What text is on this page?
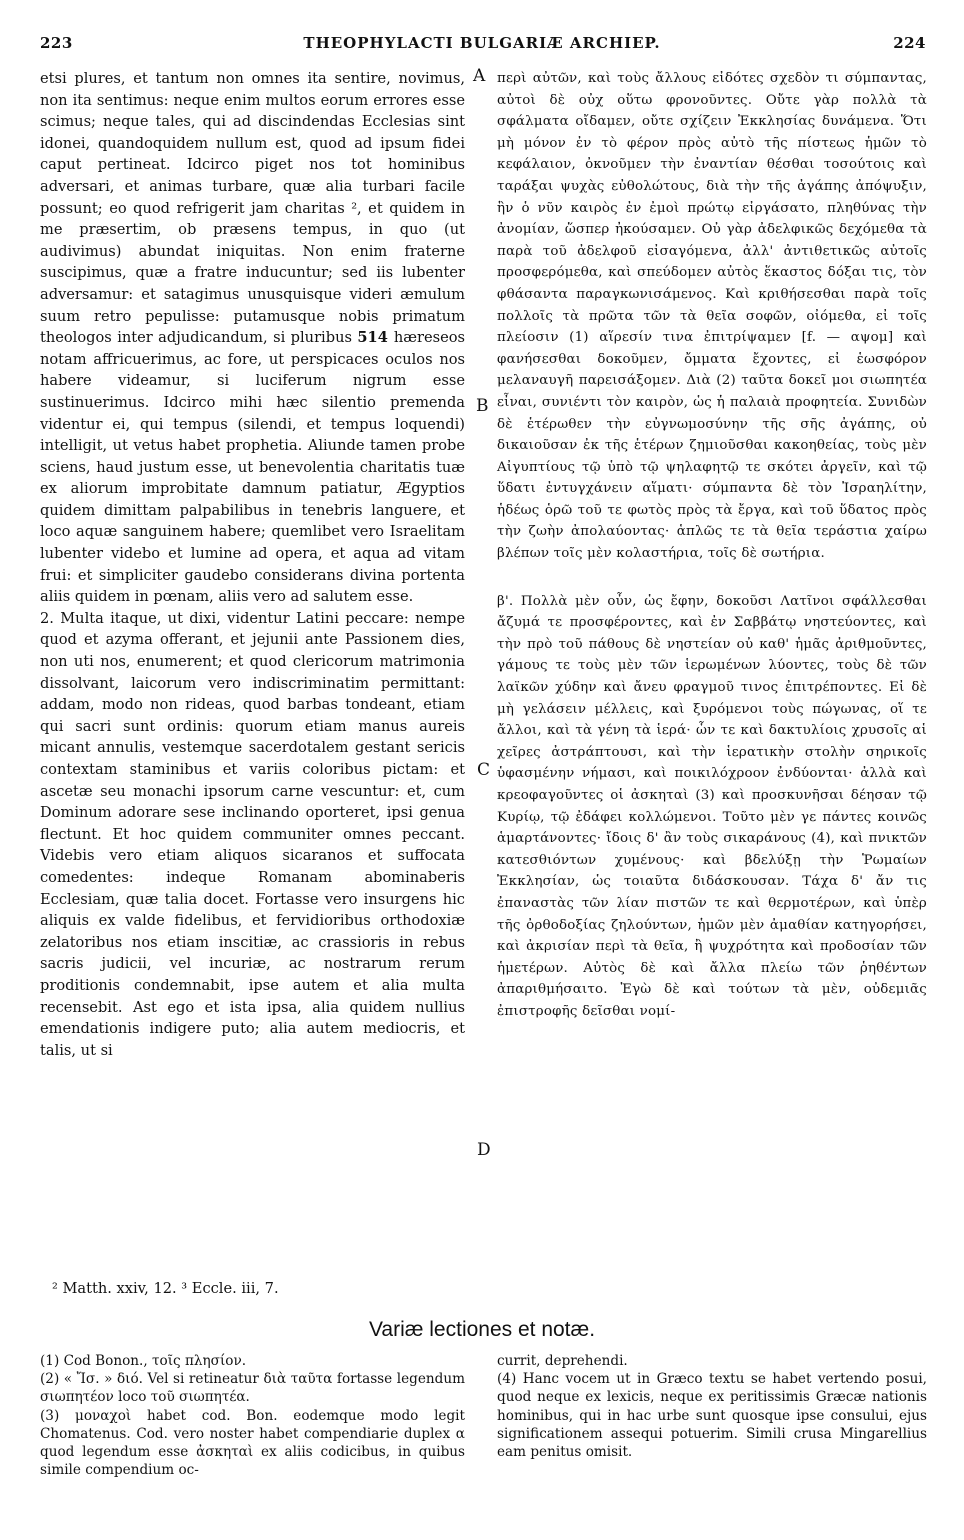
223	THEOPHYLACTI BULGARIÆ ARCHIEP.	224
A
B
C
D

etsi plures, et tantum non omnes ita sentire, novimus, non ita sentimus: neque enim multos eorum errores esse scimus; neque tales, qui ad discindendas Ecclesias sint idonei, quandoquidem nullum est, quod ad ipsum fidei caput pertineat. Idcirco piget nos tot hominibus adversari, et animas turbare, quæ alia turbari facile possunt; eo quod refrigerit jam charitas ², et quidem in me præsertim, ob præsens tempus, in quo (ut audivimus) abundat iniquitas. Non enim fraterne suscipimus, quæ a fratre inducuntur; sed iis lubenter adversamur: et satagimus unusquisque videri æmulum suum retro pepulisse: putamusque nobis primatum theologos inter adjudicandum, si pluribus 514 hæreseos notam affricuerimus, ac fore, ut perspicaces oculos nos habere videamur, si luciferum nigrum esse sustinuerimus. Idcirco mihi hæc silentio premenda videntur ei, qui tempus (silendi, et tempus loquendi) intelligit, ut vetus habet prophetia. Aliunde tamen probe sciens, haud justum esse, ut benevolentia charitatis tuæ ex aliorum improbitate damnum patiatur, Ægyptios quidem dimittam palpabilibus in tenebris languere, et loco aquæ sanguinem habere; quemlibet vero Israelitam lubenter videbo et lumine ad opera, et aqua ad vitam frui: et simpliciter gaudebo considerans divina portenta aliis quidem in pœnam, aliis vero ad salutem esse.

2. Multa itaque, ut dixi, videntur Latini peccare: nempe quod et azyma offerant, et jejunii ante Passionem dies, non uti nos, enumerent; et quod clericorum matrimonia dissolvant, laicorum vero indiscriminatim permittant: addam, modo non rideas, quod barbas tondeant, etiam qui sacri sunt ordinis: quorum etiam manus aureis micant annulis, vestemque sacerdotalem gestant sericis contextam staminibus et variis coloribus pictam: et ascetæ seu monachi ipsorum carne vescuntur: et, cum Dominum adorare sese inclinando oporteret, ipsi genua flectunt. Et hoc quidem communiter omnes peccant. Videbis vero etiam aliquos sicaranos et suffocata comedentes: indeque Romanam abominaberis Ecclesiam, quæ talia docet. Fortasse vero insurgens hic aliquis ex valde fidelibus, et fervidioribus orthodoxiæ zelatoribus nos etiam inscitiæ, ac crassioris in rebus sacris judicii, vel incuriæ, ac nostrarum rerum proditionis condemnabit, ipse autem et alia multa recensebit. Ast ego et ista ipsa, alia quidem nullius emendationis indigere puto; alia autem mediocris, et talis, ut si

περὶ αὐτῶν, καὶ τοὺς ἄλλους εἰδότες σχεδὸν τι σύμπαντας, αὐτοὶ δὲ οὐχ οὕτω φρονοῦντες. Οὔτε γὰρ πολλὰ τὰ σφάλματα οἴδαμεν, οὔτε σχίζειν Ἐκκλησίας δυνάμενα. Ὅτι μὴ μόνον ἐν τὸ φέρον πρὸς αὐτὸ τῆς πίστεως ἡμῶν τὸ κεφάλαιον, ὀκνοῦμεν τὴν ἐναντίαν θέσθαι τοσούτοις καὶ ταράξαι ψυχὰς εὐθολώτους, διὰ τὴν τῆς ἀγάπης ἀπόψυξιν, ἣν ὁ νῦν καιρὸς ἐν ἐμοὶ πρώτῳ εἰργάσατο, πληθύνας τὴν ἀνομίαν, ὥσπερ ἠκούσαμεν. Οὐ γὰρ ἀδελφικῶς δεχόμεθα τὰ παρὰ τοῦ ἀδελφοῦ εἰσαγόμενα, ἀλλ' ἀντιθετικῶς αὐτοῖς προσφερόμεθα, καὶ σπεύδομεν αὐτὸς ἕκαστος δόξαι τις, τὸν φθάσαντα παραγκωνισάμενος. Καὶ κριθήσεσθαι παρὰ τοῖς πολλοῖς τὰ πρῶτα τῶν τὰ θεῖα σοφῶν, οἰόμεθα, εἰ τοῖς πλείοσιν (1) αἵρεσίν τινα ἐπιτρίψαμεν [f. — αψομ] καὶ φανήσεσθαι δοκοῦμεν, ὄμματα ἔχοντες, εἰ ἑωσφόρον μελαναυγῆ παρεισάξομεν. Διὰ (2) ταῦτα δοκεῖ μοι σιωπητέα εἶναι, συνιέντι τὸν καιρὸν, ὡς ἡ παλαιὰ προφητεία. Συνιδὼν δὲ ἑτέρωθεν τὴν εὐγνωμοσύνην τῆς σῆς ἀγάπης, οὐ δικαιοῦσαν ἐκ τῆς ἑτέρων ζημιοῦσθαι κακοηθείας, τοὺς μὲν Αἰγυπτίους τῷ ὑπὸ τῷ ψηλαφητῷ τε σκότει ἀργεῖν, καὶ τῷ ὕδατι ἐντυγχάνειν αἵματι· σύμπαντα δὲ τὸν Ἰσραηλίτην, ἡδέως ὁρῶ τοῦ τε φωτὸς πρὸς τὰ ἔργα, καὶ τοῦ ὕδατος πρὸς τὴν ζωὴν ἀπολαύοντας· ἁπλῶς τε τὰ θεῖα τεράστια χαίρω βλέπων τοῖς μὲν κολαστήρια, τοῖς δὲ σωτήρια.

β'. Πολλὰ μὲν οὖν, ὡς ἔφην, δοκοῦσι Λατῖνοι σφάλλεσθαι ἄζυμά τε προσφέροντες, καὶ ἐν Σαββάτῳ νηστεύοντες, καὶ τὴν πρὸ τοῦ πάθους δὲ νηστείαν οὐ καθ' ἡμᾶς ἀριθμοῦντες, γάμους τε τοὺς μὲν τῶν ἱερωμένων λύοντες, τοὺς δὲ τῶν λαϊκῶν χύδην καὶ ἄνευ φραγμοῦ τινος ἐπιτρέποντες. Εἰ δὲ μὴ γελάσειν μέλλεις, καὶ ξυρόμενοι τοὺς πώγωνας, οἵ τε ἄλλοι, καὶ τὰ γένη τὰ ἱερά· ὧν τε καὶ δακτυλίοις χρυσοῖς αἱ χεῖρες ἀστράπτουσι, καὶ τὴν ἱερατικὴν στολὴν σηρικοῖς ὑφασμένην νήμασι, καὶ ποικιλόχροον ἐνδύονται· ἀλλὰ καὶ κρεοφαγοῦντες οἱ ἀσκηταὶ (3) καὶ προσκυνῆσαι δέησαν τῷ Κυρίῳ, τῷ ἐδάφει κολλώμενοι. Τοῦτο μὲν γε πάντες κοινῶς ἁμαρτάνοντες· ἴδοις δ' ἂν τοὺς σικαράνους (4), καὶ πνικτῶν κατεσθιόντων χυμένους· καὶ βδελύξῃ τὴν Ῥωμαίων Ἐκκλησίαν, ὡς τοιαῦτα διδάσκουσαν. Τάχα δ' ἄν τις ἐπαναστὰς τῶν λίαν πιστῶν τε καὶ θερμοτέρων, καὶ ὑπὲρ τῆς ὀρθοδοξίας ζηλούντων, ἡμῶν μὲν ἀμαθίαν κατηγορήσει, καὶ ἀκρισίαν περὶ τὰ θεῖα, ἢ ψυχρότητα καὶ προδοσίαν τῶν ἡμετέρων. Αὐτὸς δὲ καὶ ἄλλα πλείω τῶν ῥηθέντων ἀπαριθμήσαιτο. Ἐγὼ δὲ καὶ τούτων τὰ μὲν, οὐδεμιᾶς ἐπιστροφῆς δεῖσθαι νομί-

² Matth. xxiv, 12. ³ Eccle. iii, 7.
Variæ lectiones et notæ.

(1) Cod Bonon., τοῖς πλησίον.

(2) « Ἴσ. » διό. Vel si retineatur διὰ ταῦτα fortasse legendum σιωπητέον loco τοῦ σιωπητέα.

(3) μοναχοὶ habet cod. Bon. eodemque modo legit Chomatenus. Cod. vero noster habet compendiarie duplex α quod legendum esse ἀσκηταὶ ex aliis codicibus, in quibus simile compendium oc-

currit, deprehendi.

(4) Hanc vocem ut in Græco textu se habet vertendo posui, quod neque ex lexicis, neque ex peritissimis Græcæ nationis hominibus, qui in hac urbe sunt quosque ipse consului, ejus significationem assequi potuerim. Simili crusa Mingarellius eam penitus omisit.
